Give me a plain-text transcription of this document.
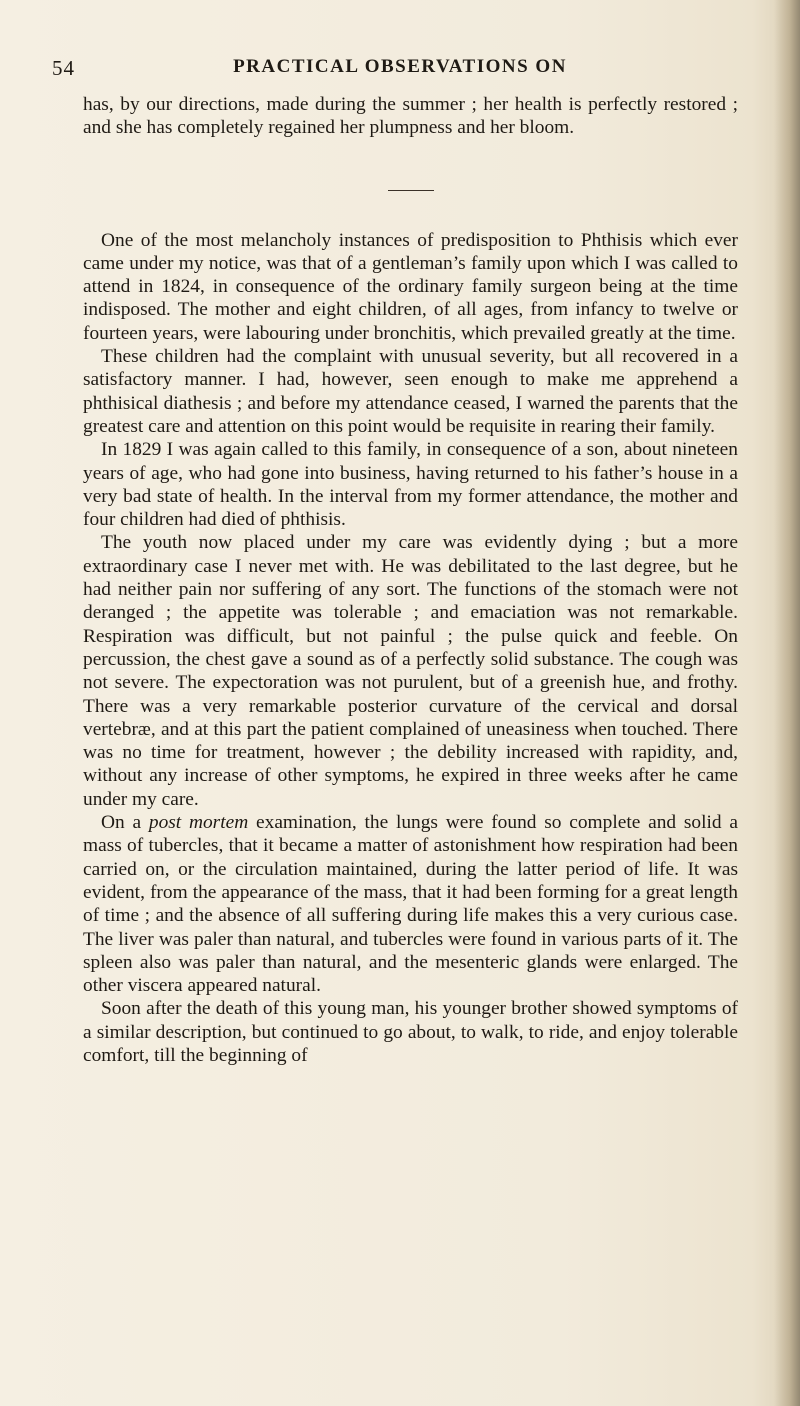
54	PRACTICAL OBSERVATIONS ON

has, by our directions, made during the summer ; her health is perfectly restored ; and she has completely regained her plumpness and her bloom.

One of the most melancholy instances of predisposition to Phthisis which ever came under my notice, was that of a gentleman’s family upon which I was called to attend in 1824, in consequence of the ordinary family surgeon being at the time indisposed. The mother and eight children, of all ages, from infancy to twelve or fourteen years, were labouring under bronchitis, which prevailed greatly at the time.

These children had the complaint with unusual severity, but all recovered in a satisfactory manner. I had, however, seen enough to make me apprehend a phthisical diathesis ; and before my attendance ceased, I warned the parents that the greatest care and attention on this point would be requisite in rearing their family.

In 1829 I was again called to this family, in consequence of a son, about nineteen years of age, who had gone into business, having returned to his father’s house in a very bad state of health. In the interval from my former attendance, the mother and four children had died of phthisis.

The youth now placed under my care was evidently dying ; but a more extraordinary case I never met with. He was debilitated to the last degree, but he had neither pain nor suffering of any sort. The functions of the stomach were not deranged ; the appetite was tolerable ; and emaciation was not remarkable. Respiration was difficult, but not painful ; the pulse quick and feeble. On percussion, the chest gave a sound as of a perfectly solid substance. The cough was not severe. The expectoration was not purulent, but of a greenish hue, and frothy. There was a very remarkable posterior curvature of the cervical and dorsal vertebræ, and at this part the patient complained of uneasiness when touched. There was no time for treatment, however ; the debility increased with rapidity, and, without any increase of other symptoms, he expired in three weeks after he came under my care.

On a post mortem examination, the lungs were found so complete and solid a mass of tubercles, that it became a matter of astonishment how respiration had been carried on, or the circulation maintained, during the latter period of life. It was evident, from the appearance of the mass, that it had been forming for a great length of time ; and the absence of all suffering during life makes this a very curious case. The liver was paler than natural, and tubercles were found in various parts of it. The spleen also was paler than natural, and the mesenteric glands were enlarged. The other viscera appeared natural.

Soon after the death of this young man, his younger brother showed symptoms of a similar description, but continued to go about, to walk, to ride, and enjoy tolerable comfort, till the beginning of
